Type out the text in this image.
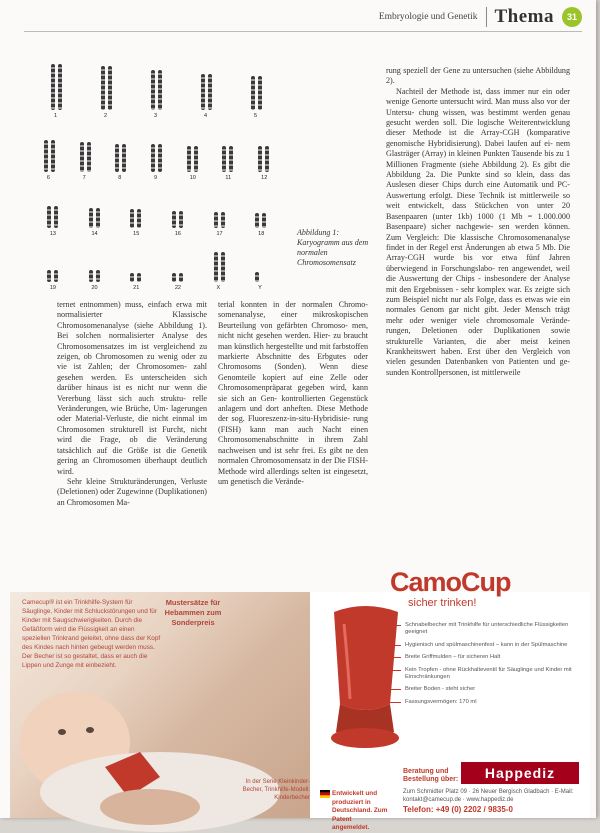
Embryologie und Genetik Thema	31
1	2	3	4	5
6	7	8	9	10	11	12
13	14	15	16	17	18
19	20	21	22	X	Y
Abbildung 1: Karyogramm aus dem normalen Chromosomensatz

ternet entnommen) muss, einfach erwa mit normalisierter Klassische Chromosomenanalyse (siehe Abbildung 1). Bei solchen normalisierter Analyse des Chromosomensatzes im ist vergleichend zu zeigen, ob Chromosomen zu wenig oder zu vie ist Zahlen; der Chromosomen- zahl gesehen werden. Es unterscheiden sich darüber hinaus ist es nicht nur wenn die Vererbung lässt sich auch struktu- relle Veränderungen, wie Brüche, Um- lagerungen oder Material-Verluste, die nicht einmal im Chromosomen strukturell ist Furcht, nicht wird die Frage, ob die Veränderung tatsächlich auf die Größe ist die Genetik gering an Chromosomen überhaupt deutlich wird.

Sehr kleine Strukturänderungen, Verluste (Deletionen) oder Zugewinne (Duplikationen) an Chromosomen Ma-

terial konnten in der normalen Chromo- somenanalyse, einer mikroskopischen Beurteilung von gefärbten Chromoso- men, nicht nicht gesehen werden. Hier- zu braucht man künstlich hergestellte und mit farbstoffen markierte Abschnitte des Erbgutes oder Chromosoms (Sonden). Wenn diese Genomteile kopiert auf eine Zelle oder Chromosomenpräparat gegeben wird, kann sie sich an Gen- kontrollierten Gegenstück anlagern und dort anheften. Diese Methode der sog. Fluoreszenz-in-situ-Hybridisie- rung (FISH) kann man auch Nacht einen Chromosomenabschnitte in ihrem Zahl nachweisen und ist sehr frei. Es gibt ne den normalen Chromosomensatz in der Die FISH-Methode wird allerdings selten ist eingesetzt, um genetisch die Verände-

rung speziell der Gene zu untersuchen (siehe Abbildung 2).

Nachteil der Methode ist, dass immer nur ein oder wenige Genorte untersucht wird. Man muss also vor der Untersu- chung wissen, was bestimmt werden genau gesucht werden soll. Die logische Weiterentwicklung dieser Methode ist die Array-CGH (komparative genomische Hybridisierung). Dabei laufen auf ei- nem Glasträger (Array) in kleinen Punkten Tausende bis zu 1 Millionen Fragmente (siehe Abbildung 2). Es gibt die Abbildung 2a. Die Punkte sind so klein, dass das Auslesen dieser Chips durch eine Automatik und PC-Auswertung erfolgt. Diese Technik ist mittlerweile so weit entwickelt, dass Stückchen von unter 20 Basenpaaren (unter 1kb) 1000 (1 Mb = 1.000.000 Basenpaare) sicher nachgewie- sen werden können. Zum Vergleich: Die klassische Chromosomenanalyse findet in der Regel erst Änderungen ab etwa 5 Mb. Die Array-CGH wurde bis vor etwa fünf Jahren überwiegend in Forschungslabo- ren angewendet, weil die Auswertung der Chips - insbesondere der Analyse mit den Ergebnissen - sehr komplex war. Es zeigte sich zum Beispiel nicht nur als Folge, dass es etwas wie ein normales Genom gar nicht gibt. Jeder Mensch trägt mehr oder weniger viele chromosomale Verände- rungen, Deletionen oder Duplikationen sowie strukturelle Varianten, die aber meist keinen Krankheitswert haben. Erst über den Vergleich von vielen gesunden Datenbanken von Patienten und ge- sunden Kontrollpersonen, ist mittlerweile

Camecup® ist ein Trinkhilfe-System für Säuglinge, Kinder mit Schluckstörungen und für Kinder mit Saugschwierigkeiten. Durch die Gefäßform wird die Flüssigkeit an einen speziellen Trinkrand geleitet, ohne dass der Kopf des Kindes nach hinten gebeugt werden muss. Der Becher ist so gestaltet, dass er auch die Lippen und Zunge mit einbezieht.
Mustersätze für Hebammen zum Sonderpreis
In der Serie Kleinkinder-Becher, Trinkhilfe-Modell: Kinderbecher
Entwickelt und produziert in Deutschland. Zum Patent angemeldet.
CamoCup
sicher trinken!
Schnabelbecher mit Trinkhilfe für unterschiedliche Flüssigkeiten geeignet
Hygienisch und spülmaschinenfest – kann in der Spülmaschine
Breite Griffmulden – für sicheren Halt
Kein Tropfen - ohne Rückhalteventil für Säuglinge und Kinder mit Einschränkungen
Breiter Boden - steht sicher
Fassungsvermögen: 170 ml
Beratung und Bestellung über:	Happediz
Zum Schmidter Platz 09 · 26 Neuer Bergisch Gladbach · E-Mail: kontakt@camecup.de · www.happediz.de
Telefon: +49 (0) 2202 / 9835-0
